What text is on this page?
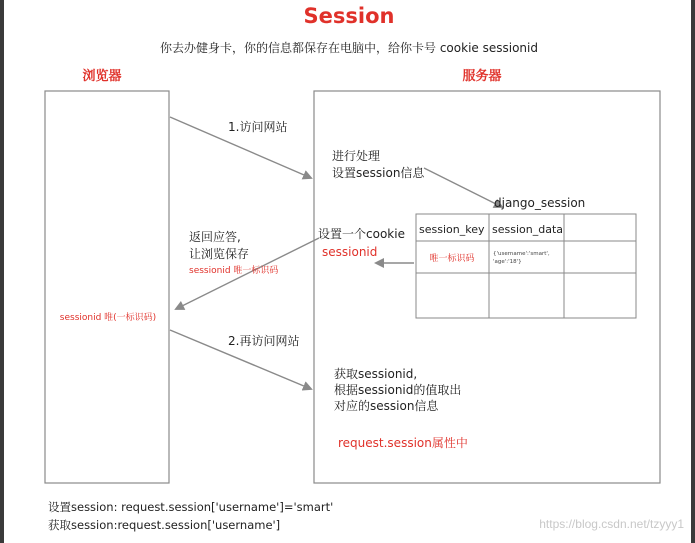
Session
你去办健身卡，你的信息都保存在电脑中，给你卡号 cookie sessionid
浏览器	服务器
sessionid 唯(一标识码)
进行处理
设置session信息
django_session
session_key session_data
唯一标识码	{'username':'smart',
'age':'18'}
设置一个cookie
sessionid
1.访问网站
返回应答,
让浏览保存
sessionid 唯一标识码
2.再访问网站
获取sessionid,
根据sessionid的值取出
对应的session信息
request.session属性中
设置session: request.session['username']='smart'
获取session:request.session['username']	https://blog.csdn.net/tzyyy1
